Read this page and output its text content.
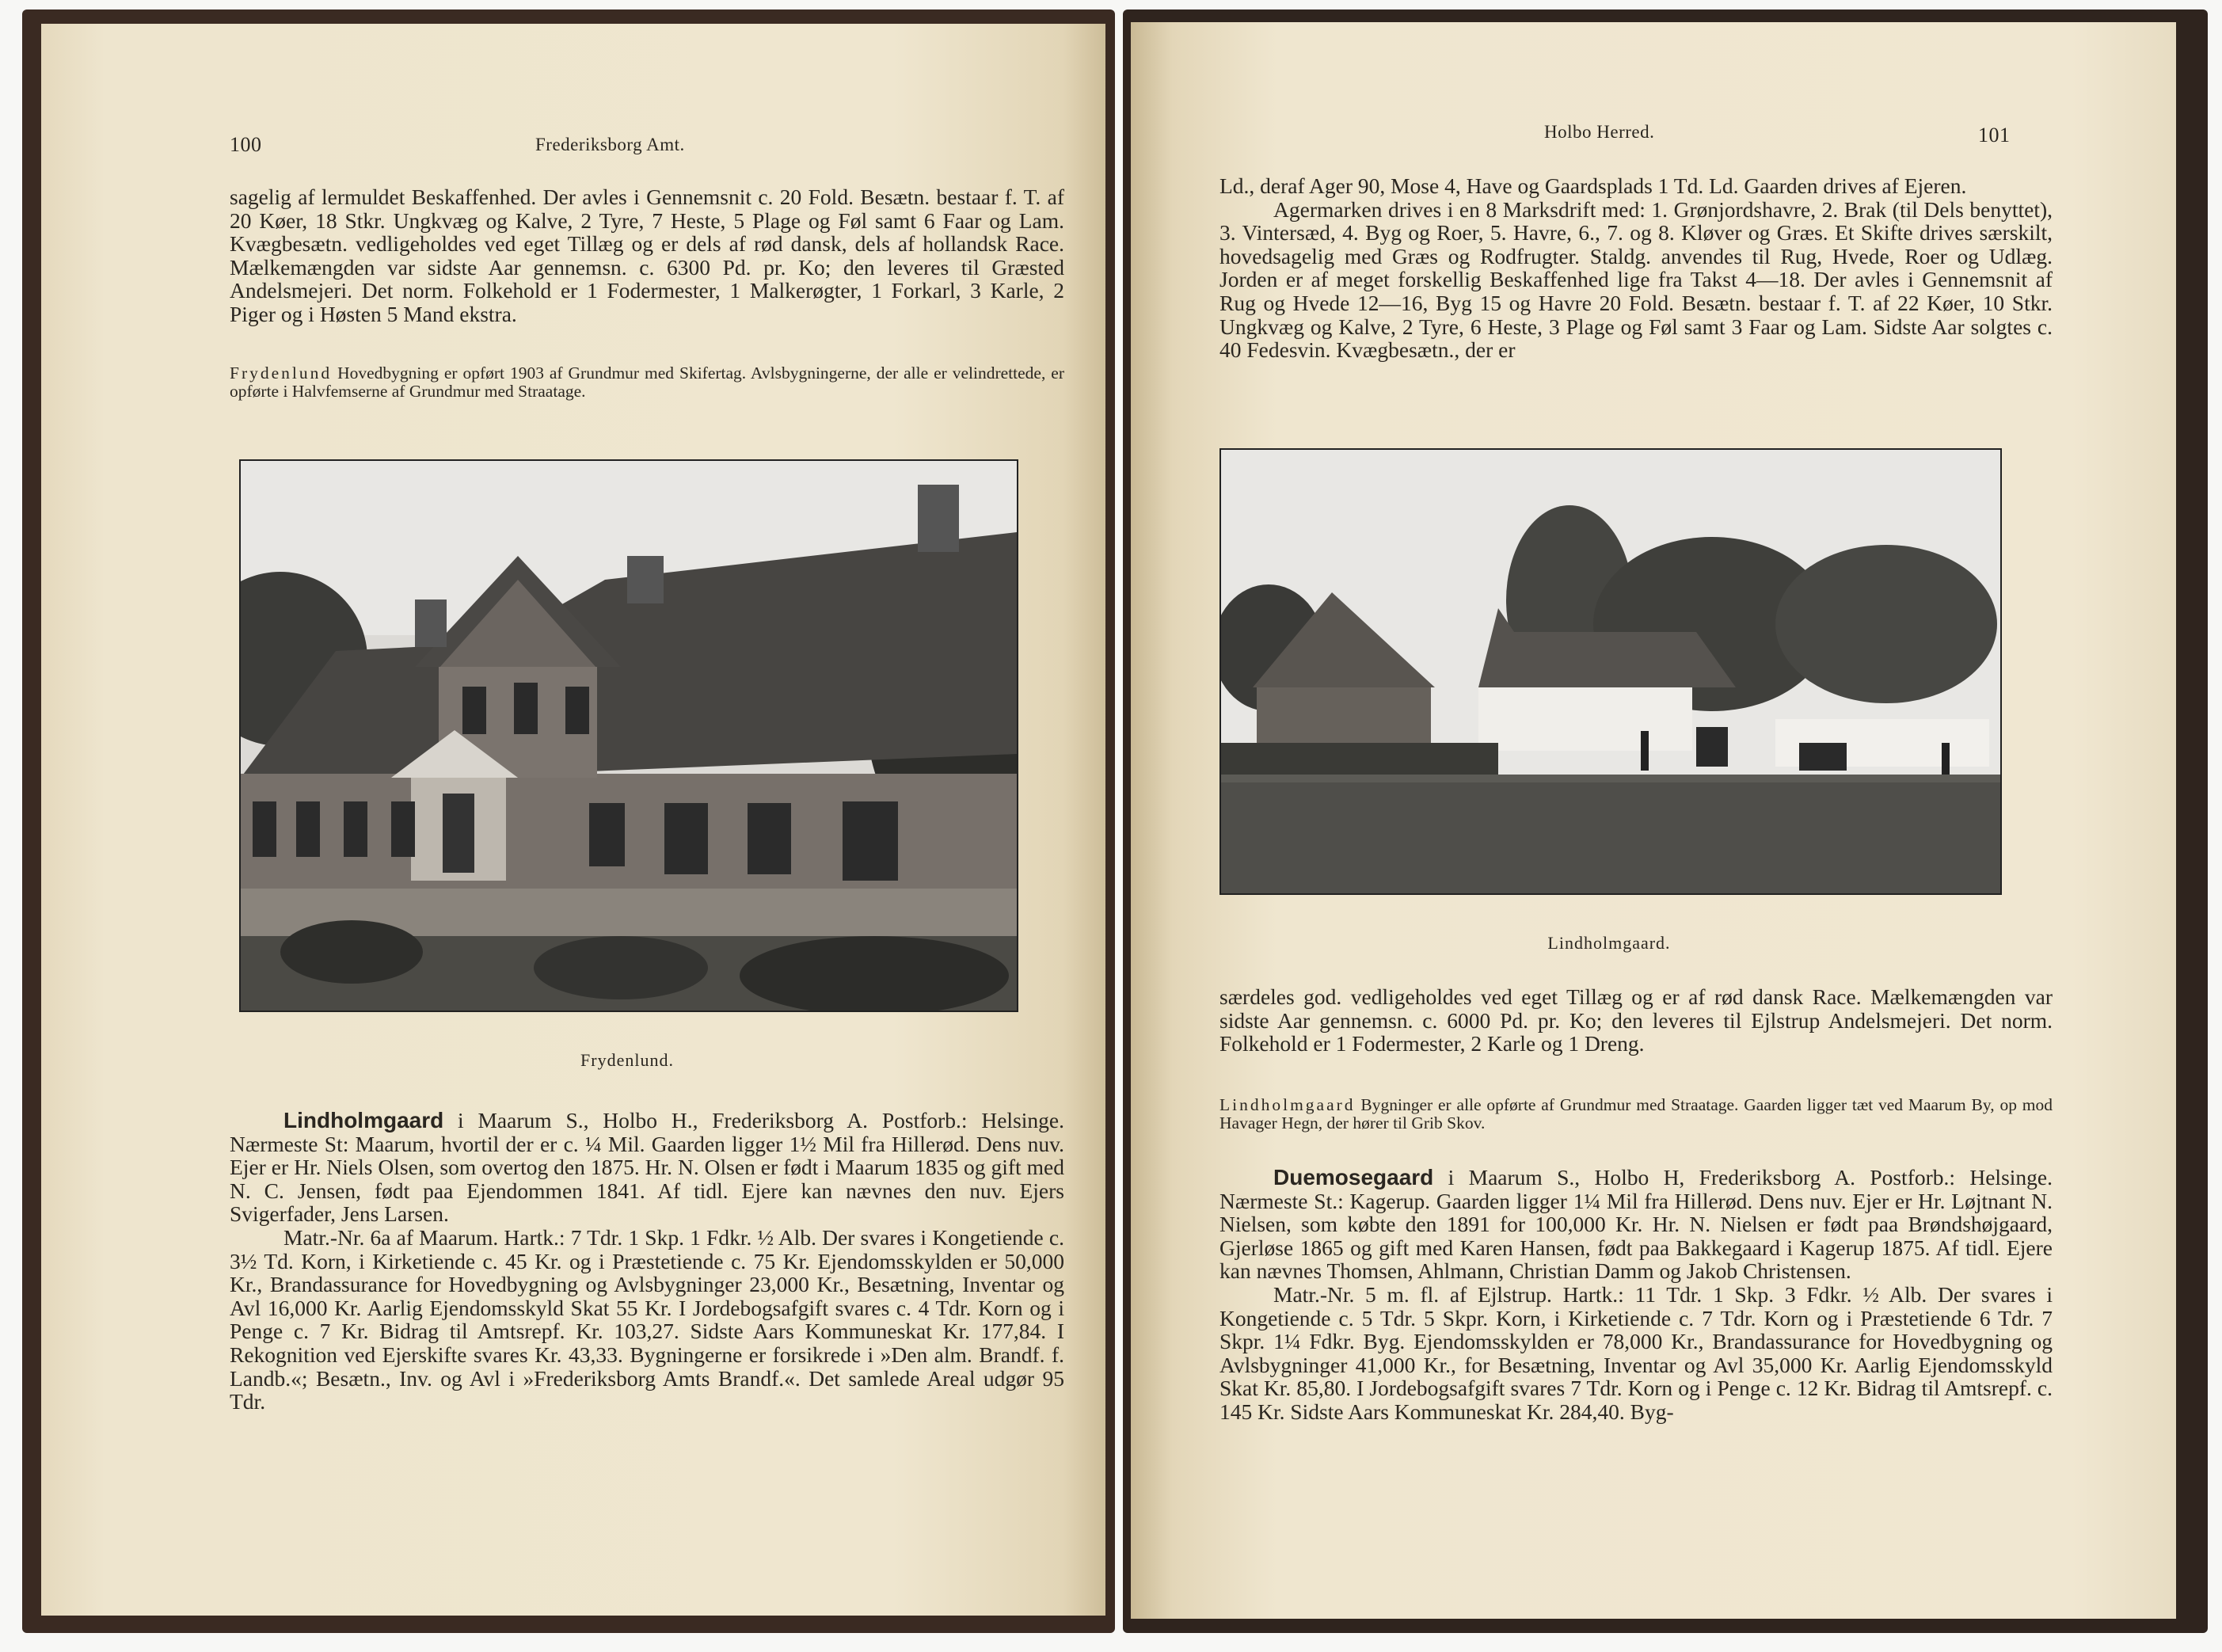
100	Frederiksborg Amt.

sagelig af lermuldet Beskaffenhed. Der avles i Gennemsnit c. 20 Fold. Besætn. bestaar f. T. af 20 Køer, 18 Stkr. Ungkvæg og Kalve, 2 Tyre, 7 Heste, 5 Plage og Føl samt 6 Faar og Lam. Kvægbesætn. vedligeholdes ved eget Tillæg og er dels af rød dansk, dels af hollandsk Race. Mælkemængden var sidste Aar gennemsn. c. 6300 Pd. pr. Ko; den leveres til Græsted Andelsmejeri. Det norm. Folkehold er 1 Fodermester, 1 Malkerøgter, 1 Forkarl, 3 Karle, 2 Piger og i Høsten 5 Mand ekstra.

Frydenlund Hovedbygning er opført 1903 af Grundmur med Skifertag. Avlsbygningerne, der alle er velindrettede, er opførte i Halvfemserne af Grundmur med Straatage.

Frydenlund.

Lindholmgaard i Maarum S., Holbo H., Frederiksborg A. Postforb.: Helsinge. Nærmeste St: Maarum, hvortil der er c. ¼ Mil. Gaarden ligger 1½ Mil fra Hillerød. Dens nuv. Ejer er Hr. Niels Olsen, som overtog den 1875. Hr. N. Olsen er født i Maarum 1835 og gift med N. C. Jensen, født paa Ejendommen 1841. Af tidl. Ejere kan nævnes den nuv. Ejers Svigerfader, Jens Larsen.

Matr.-Nr. 6a af Maarum. Hartk.: 7 Tdr. 1 Skp. 1 Fdkr. ½ Alb. Der svares i Kongetiende c. 3½ Td. Korn, i Kirketiende c. 45 Kr. og i Præstetiende c. 75 Kr. Ejendomsskylden er 50,000 Kr., Brandassurance for Hovedbygning og Avlsbygninger 23,000 Kr., Besætning, Inventar og Avl 16,000 Kr. Aarlig Ejendomsskyld Skat 55 Kr. I Jordebogsafgift svares c. 4 Tdr. Korn og i Penge c. 7 Kr. Bidrag til Amtsrepf. Kr. 103,27. Sidste Aars Kommuneskat Kr. 177,84. I Rekognition ved Ejerskifte svares Kr. 43,33. Bygningerne er forsikrede i »Den alm. Brandf. f. Landb.«; Besætn., Inv. og Avl i »Frederiksborg Amts Brandf.«. Det samlede Areal udgør 95 Tdr.

Holbo Herred.	101

Ld., deraf Ager 90, Mose 4, Have og Gaardsplads 1 Td. Ld. Gaarden drives af Ejeren.

Agermarken drives i en 8 Marksdrift med: 1. Grønjordshavre, 2. Brak (til Dels benyttet), 3. Vintersæd, 4. Byg og Roer, 5. Havre, 6., 7. og 8. Kløver og Græs. Et Skifte drives særskilt, hovedsagelig med Græs og Rodfrugter. Staldg. anvendes til Rug, Hvede, Roer og Udlæg. Jorden er af meget forskellig Beskaffenhed lige fra Takst 4—18. Der avles i Gennemsnit af Rug og Hvede 12—16, Byg 15 og Havre 20 Fold. Besætn. bestaar f. T. af 22 Køer, 10 Stkr. Ungkvæg og Kalve, 2 Tyre, 6 Heste, 3 Plage og Føl samt 3 Faar og Lam. Sidste Aar solgtes c. 40 Fedesvin. Kvægbesætn., der er

Lindholmgaard.

særdeles god. vedligeholdes ved eget Tillæg og er af rød dansk Race. Mælkemængden var sidste Aar gennemsn. c. 6000 Pd. pr. Ko; den leveres til Ejlstrup Andelsmejeri. Det norm. Folkehold er 1 Fodermester, 2 Karle og 1 Dreng.

Lindholmgaard Bygninger er alle opførte af Grundmur med Straatage. Gaarden ligger tæt ved Maarum By, op mod Havager Hegn, der hører til Grib Skov.

Duemosegaard i Maarum S., Holbo H, Frederiksborg A. Postforb.: Helsinge. Nærmeste St.: Kagerup. Gaarden ligger 1¼ Mil fra Hillerød. Dens nuv. Ejer er Hr. Løjtnant N. Nielsen, som købte den 1891 for 100,000 Kr. Hr. N. Nielsen er født paa Brøndshøjgaard, Gjerløse 1865 og gift med Karen Hansen, født paa Bakkegaard i Kagerup 1875. Af tidl. Ejere kan nævnes Thomsen, Ahlmann, Christian Damm og Jakob Christensen.

Matr.-Nr. 5 m. fl. af Ejlstrup. Hartk.: 11 Tdr. 1 Skp. 3 Fdkr. ½ Alb. Der svares i Kongetiende c. 5 Tdr. 5 Skpr. Korn, i Kirketiende c. 7 Tdr. Korn og i Præstetiende 6 Tdr. 7 Skpr. 1¼ Fdkr. Byg. Ejendomsskylden er 78,000 Kr., Brandassurance for Hovedbygning og Avlsbygninger 41,000 Kr., for Besætning, Inventar og Avl 35,000 Kr. Aarlig Ejendomsskyld Skat Kr. 85,80. I Jordebogsafgift svares 7 Tdr. Korn og i Penge c. 12 Kr. Bidrag til Amtsrepf. c. 145 Kr. Sidste Aars Kommuneskat Kr. 284,40. Byg-
